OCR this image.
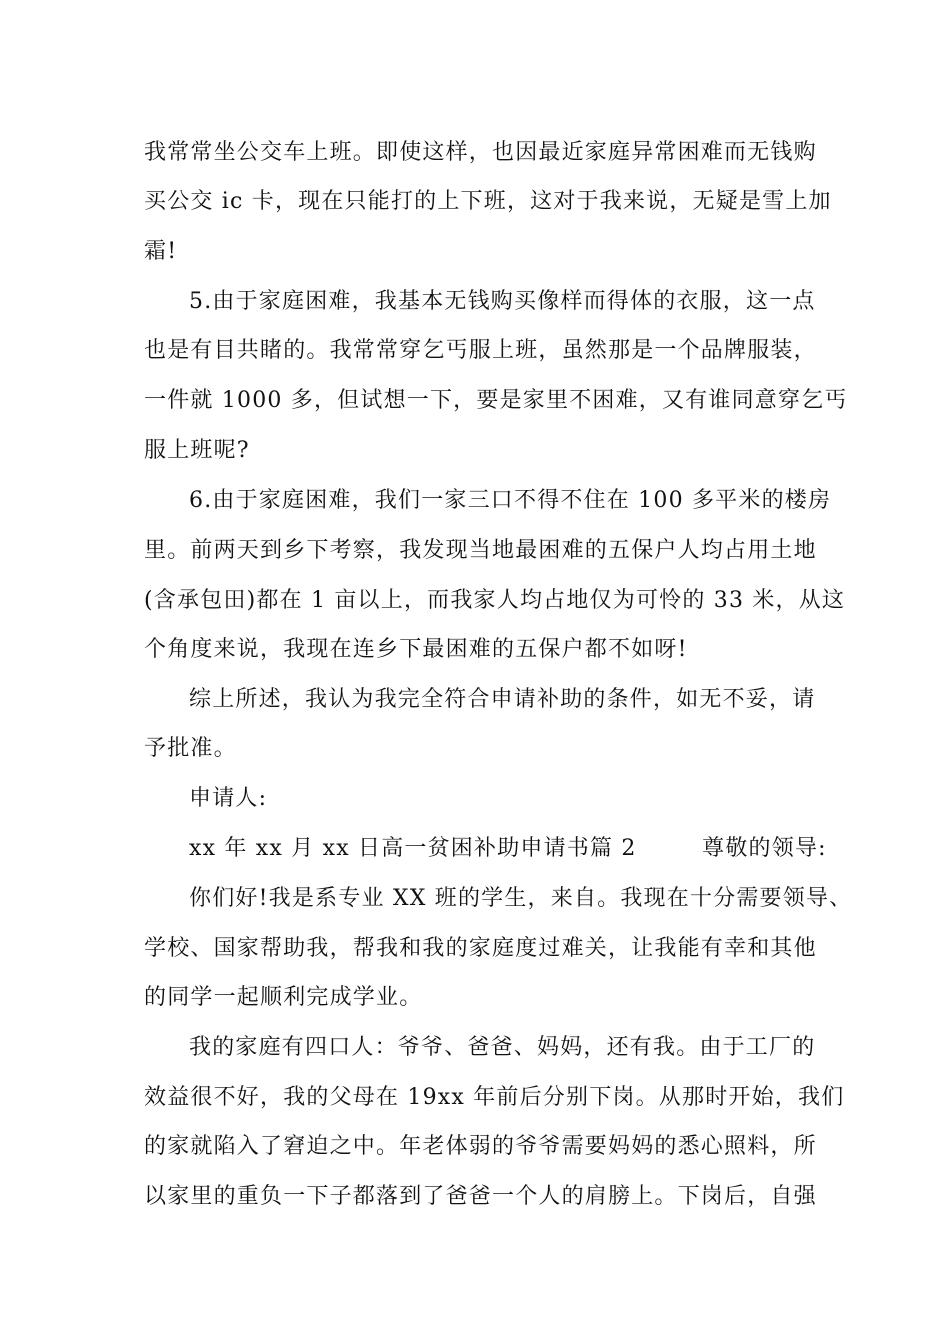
我常常坐公交车上班。即使这样，也因最近家庭异常困难而无钱购
买公交 ic 卡，现在只能打的上下班，这对于我来说，无疑是雪上加
霜!
5.由于家庭困难，我基本无钱购买像样而得体的衣服，这一点
也是有目共睹的。我常常穿乞丐服上班，虽然那是一个品牌服装，
一件就 1000 多，但试想一下，要是家里不困难，又有谁同意穿乞丐
服上班呢?
6.由于家庭困难，我们一家三口不得不住在 100 多平米的楼房
里。前两天到乡下考察，我发现当地最困难的五保户人均占用土地
(含承包田)都在 1 亩以上，而我家人均占地仅为可怜的 33 米，从这
个角度来说，我现在连乡下最困难的五保户都不如呀!
综上所述，我认为我完全符合申请补助的条件，如无不妥，请
予批准。
申请人:
xx 年 xx 月 xx 日高一贫困补助申请书篇 2        尊敬的领导:
你们好!我是系专业 XX 班的学生，来自。我现在十分需要领导、
学校、国家帮助我，帮我和我的家庭度过难关，让我能有幸和其他
的同学一起顺利完成学业。
我的家庭有四口人：爷爷、爸爸、妈妈，还有我。由于工厂的
效益很不好，我的父母在 19xx 年前后分别下岗。从那时开始，我们
的家就陷入了窘迫之中。年老体弱的爷爷需要妈妈的悉心照料，所
以家里的重负一下子都落到了爸爸一个人的肩膀上。下岗后，自强
